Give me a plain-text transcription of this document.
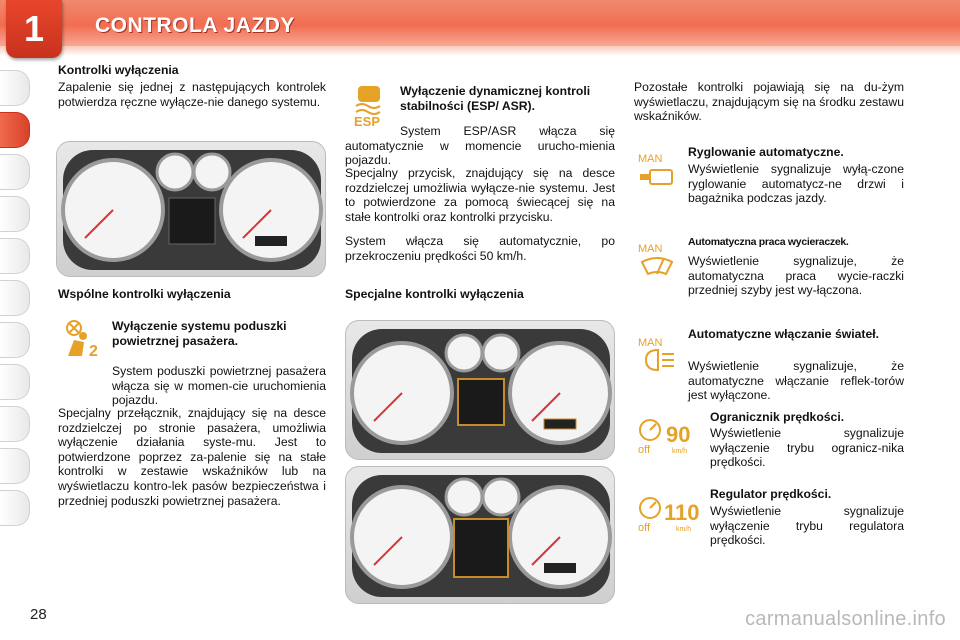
1	CONTROLA JAZDY
Kontrolki wyłączenia
Zapalenie się jednej z następujących kontrolek potwierdza ręczne wyłącze-nie danego systemu.
Wspólne kontrolki wyłączenia
2
Wyłączenie systemu poduszki powietrznej pasażera.
System poduszki powietrznej pasażera włącza się w momen-cie uruchomienia pojazdu.
Specjalny przełącznik, znajdujący się na desce rozdzielczej po stronie pasażera, umożliwia wyłączenie działania syste-mu. Jest to potwierdzone poprzez za-palenie się na stałe kontrolki w zestawie wskaźników lub na wyświetlaczu kontro-lek pasów bezpieczeństwa i przedniej poduszki powietrznej pasażera.
ESP
Wyłączenie dynamicznej kontroli stabilności (ESP/ ASR).
System ESP/ASR włącza się automatycznie w momencie urucho-mienia pojazdu.
Specjalny przycisk, znajdujący się na desce rozdzielczej umożliwia wyłącze-nie systemu. Jest to potwierdzone za pomocą świecącej się na stałe kontrolki oraz kontrolki przycisku.
System włącza się automatycznie, po przekroczeniu prędkości 50 km/h.
Specjalne kontrolki wyłączenia
Pozostałe kontrolki pojawiają się na du-żym wyświetlaczu, znajdującym się na środku zestawu wskaźników.
MAN Ryglowanie automatyczne.
Wyświetlenie sygnalizuje wyłą-czone ryglowanie automatycz-ne drzwi i bagażnika podczas jazdy.
MAN
Automatyczna praca wycieraczek.
Wyświetlenie sygnalizuje, że automatyczna praca wycie-raczki przedniej szyby jest wy-łączona.
MAN
Automatyczne włączanie świateł.
Wyświetlenie sygnalizuje, że automatyczne włączanie reflek-torów jest wyłączone.
off
90
km/h
Ogranicznik prędkości.
Wyświetlenie sygnalizuje wyłączenie trybu ogranicz-nika prędkości.
off
110
km/h
Regulator prędkości.
Wyświetlenie sygnalizuje wyłączenie trybu regulatora prędkości.
28	carmanualsonline.info
